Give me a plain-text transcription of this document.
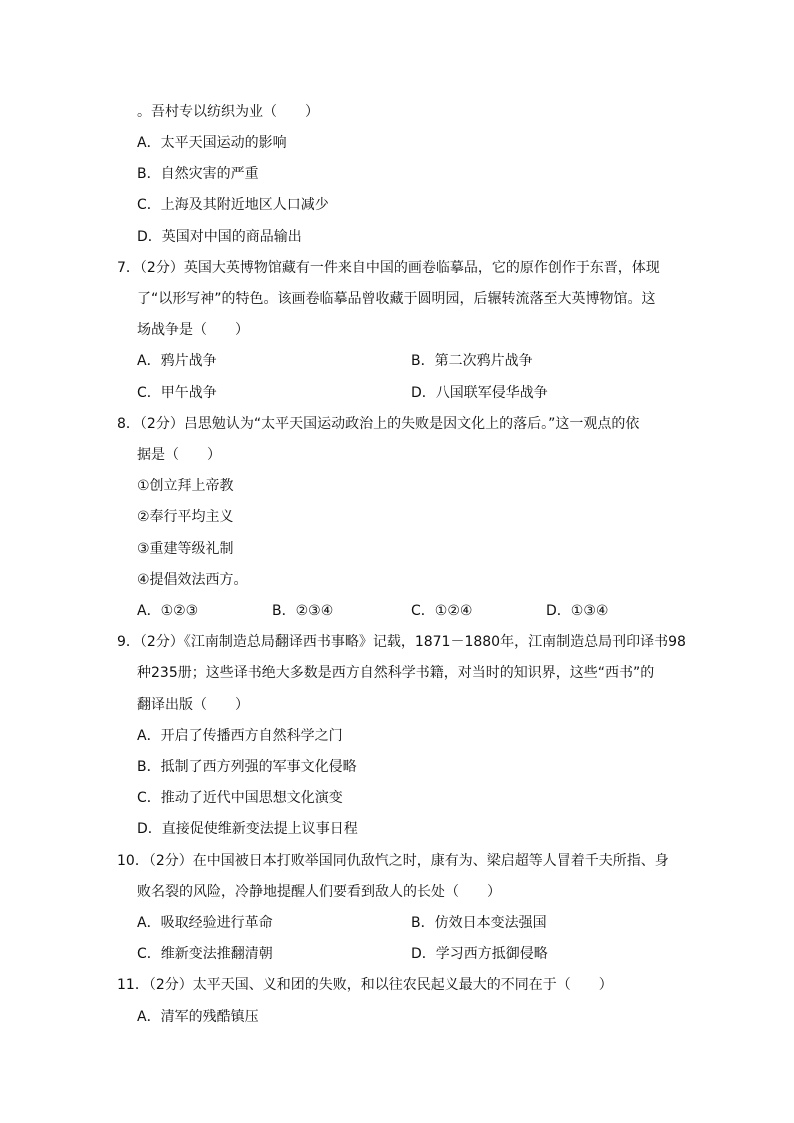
。吾村专以纺织为业（　　）
A．太平天国运动的影响
B．自然灾害的严重
C．上海及其附近地区人口减少
D．英国对中国的商品输出
7．（2分）英国大英博物馆藏有一件来自中国的画卷临摹品，它的原作创作于东晋，体现
了“以形写神”的特色。该画卷临摹品曾收藏于圆明园，后辗转流落至大英博物馆。这
场战争是（　　）
A．鸦片战争	B．第二次鸦片战争
C．甲午战争	D．八国联军侵华战争
8．（2分）吕思勉认为“太平天国运动政治上的失败是因文化上的落后。”这一观点的依
据是（　　）
①创立拜上帝教
②奉行平均主义
③重建等级礼制
④提倡效法西方。
A．①②③	B．②③④	C．①②④	D．①③④
9．（2分）《江南制造总局翻译西书事略》记载，1871－1880年，江南制造总局刊印译书98
种235册；这些译书绝大多数是西方自然科学书籍，对当时的知识界，这些“西书”的
翻译出版（　　）
A．开启了传播西方自然科学之门
B．抵制了西方列强的军事文化侵略
C．推动了近代中国思想文化演变
D．直接促使维新变法提上议事日程
10．（2分）在中国被日本打败举国同仇敌忾之时，康有为、梁启超等人冒着千夫所指、身
败名裂的风险，冷静地提醒人们要看到敌人的长处（　　）
A．吸取经验进行革命	B．仿效日本变法强国
C．维新变法推翻清朝	D．学习西方抵御侵略
11．（2分）太平天国、义和团的失败，和以往农民起义最大的不同在于（　　）
A．清军的残酷镇压
